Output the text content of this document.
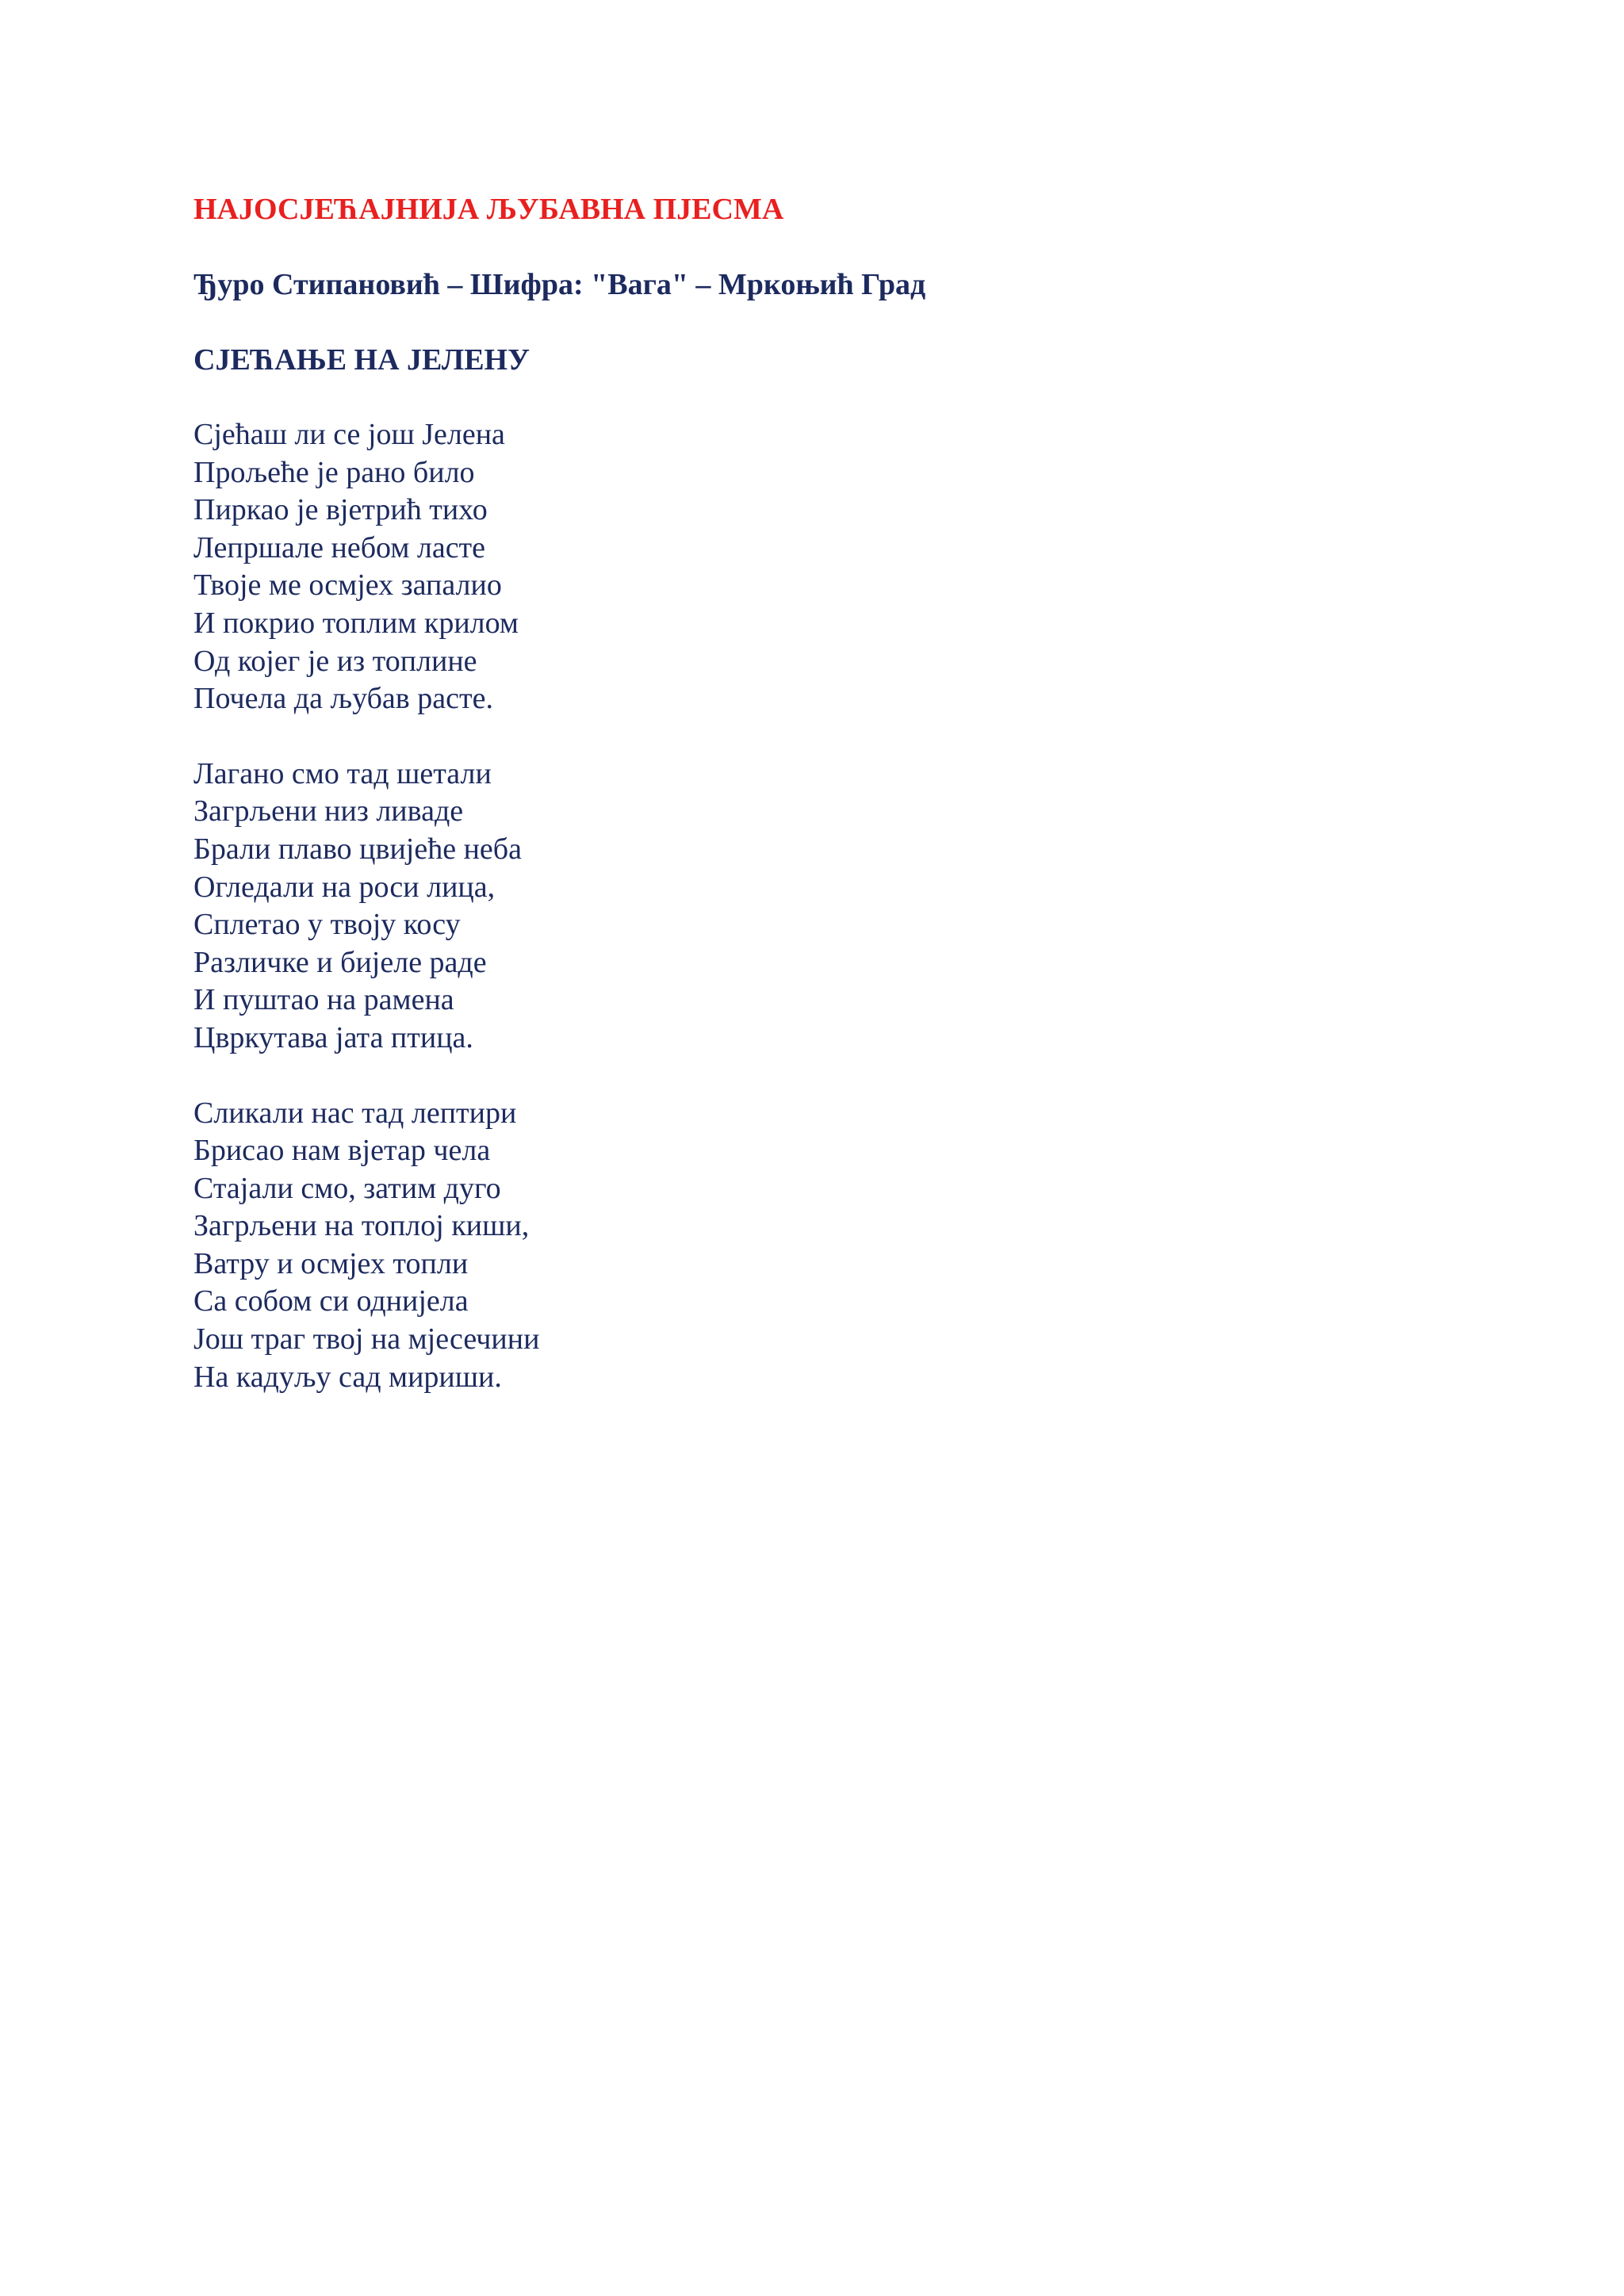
НАЈОСЈЕЋАЈНИЈА ЉУБАВНА ПЈЕСМА

Ђуро Стипановић – Шифра: "Вага" – Мркоњић Град

СЈЕЋАЊЕ НА ЈЕЛЕНУ

Сјећаш ли се још Јелена
Прољеће је рано било
Пиркао је вјетрић тихо
Лепршале небом ласте
Твоје ме осмјех запалио
И покрио топлим крилом
Од којег је из топлине
Почела да љубав расте.
Лагано смо тад шетали
Загрљени низ ливаде
Брали плаво цвијеће неба
Огледали на роси лица,
Сплетао у твоју косу
Различке и бијеле раде
И пуштао на рамена
Цвркутава јата птица.
Сликали нас тад лептири
Брисао нам вјетар чела
Стајали смо, затим дуго
Загрљени на топлој киши,
Ватру и осмјех топли
Са собом си однијела
Још траг твој на мјесечини
На кадуљу сад мириши.
